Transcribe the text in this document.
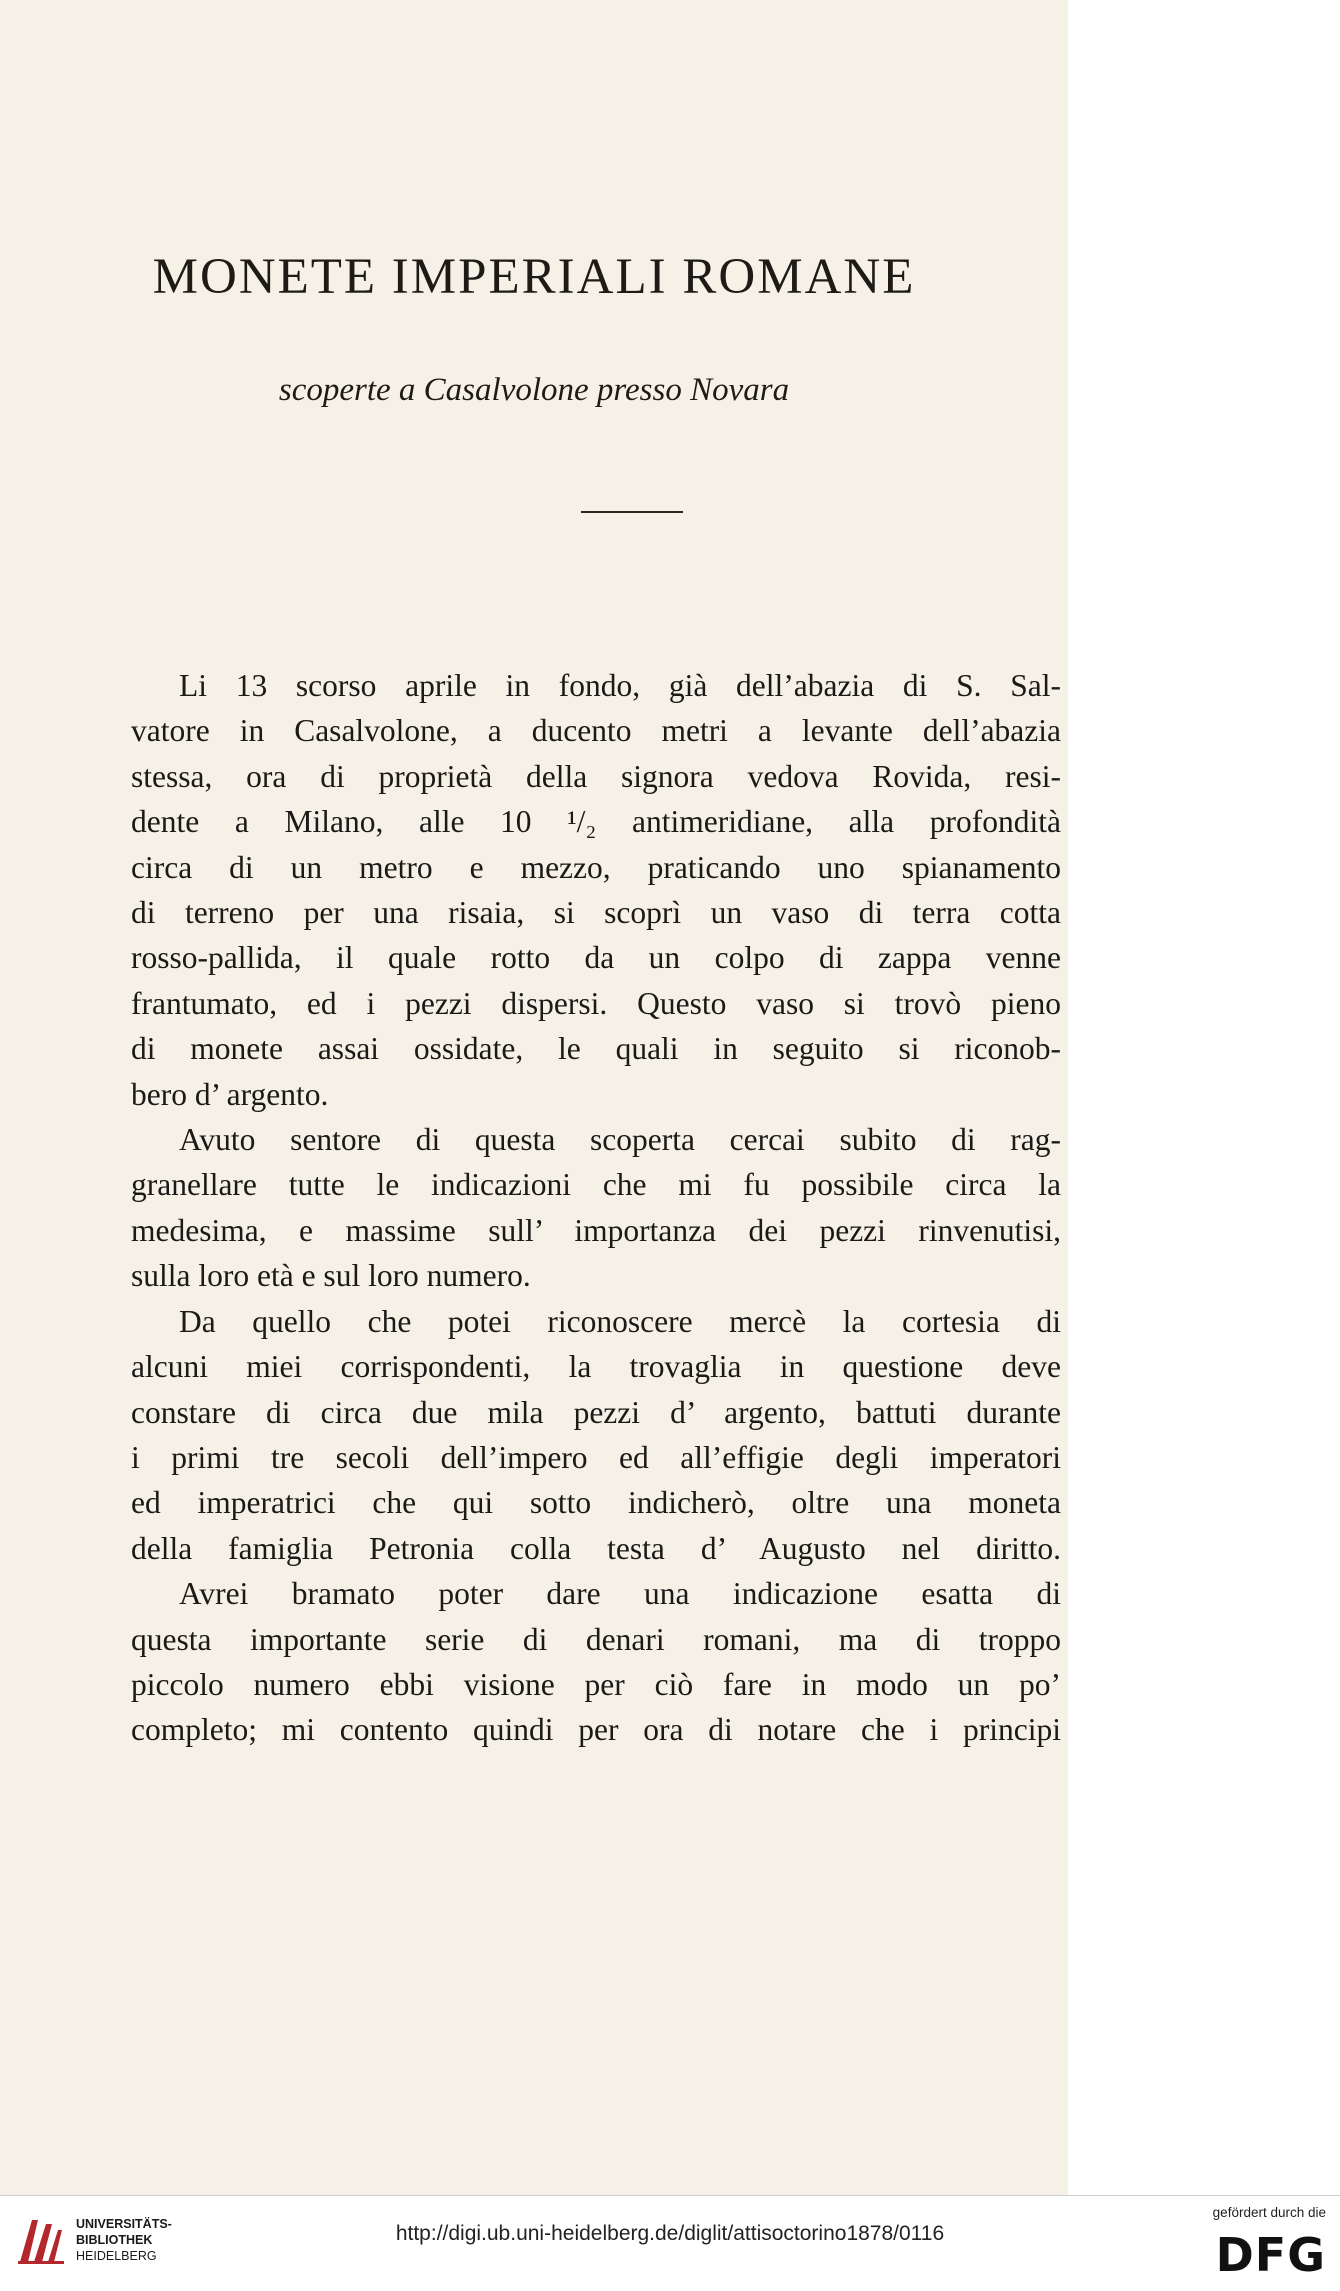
MONETE IMPERIALI ROMANE
scoperte a Casalvolone presso Novara
Li 13 scorso aprile in fondo, già dell’abazia di S. Sal-
vatore in Casalvolone, a ducento metri a levante dell’abazia
stessa, ora di proprietà della signora vedova Rovida, resi-
dente a Milano, alle 10 ¹/₂ antimeridiane, alla profondità
circa di un metro e mezzo, praticando uno spianamento
di terreno per una risaia, si scoprì un vaso di terra cotta
rosso-pallida, il quale rotto da un colpo di zappa venne
frantumato, ed i pezzi dispersi. Questo vaso si trovò pieno
di monete assai ossidate, le quali in seguito si riconob-
bero d’ argento.
Avuto sentore di questa scoperta cercai subito di rag-
granellare tutte le indicazioni che mi fu possibile circa la
medesima, e massime sull’ importanza dei pezzi rinvenutisi,
sulla loro età e sul loro numero.
Da quello che potei riconoscere mercè la cortesia di
alcuni miei corrispondenti, la trovaglia in questione deve
constare di circa due mila pezzi d’ argento, battuti durante
i primi tre secoli dell’impero ed all’effigie degli imperatori
ed imperatrici che qui sotto indicherò, oltre una moneta
della famiglia Petronia colla testa d’ Augusto nel diritto.
Avrei bramato poter dare una indicazione esatta di
questa importante serie di denari romani, ma di troppo
piccolo numero ebbi visione per ciò fare in modo un po’
completo; mi contento quindi per ora di notare che i principi
UNIVERSITÄTS-
BIBLIOTHEK
HEIDELBERG
http://digi.ub.uni-heidelberg.de/diglit/attisoctorino1878/0116
gefördert durch die
DFG
